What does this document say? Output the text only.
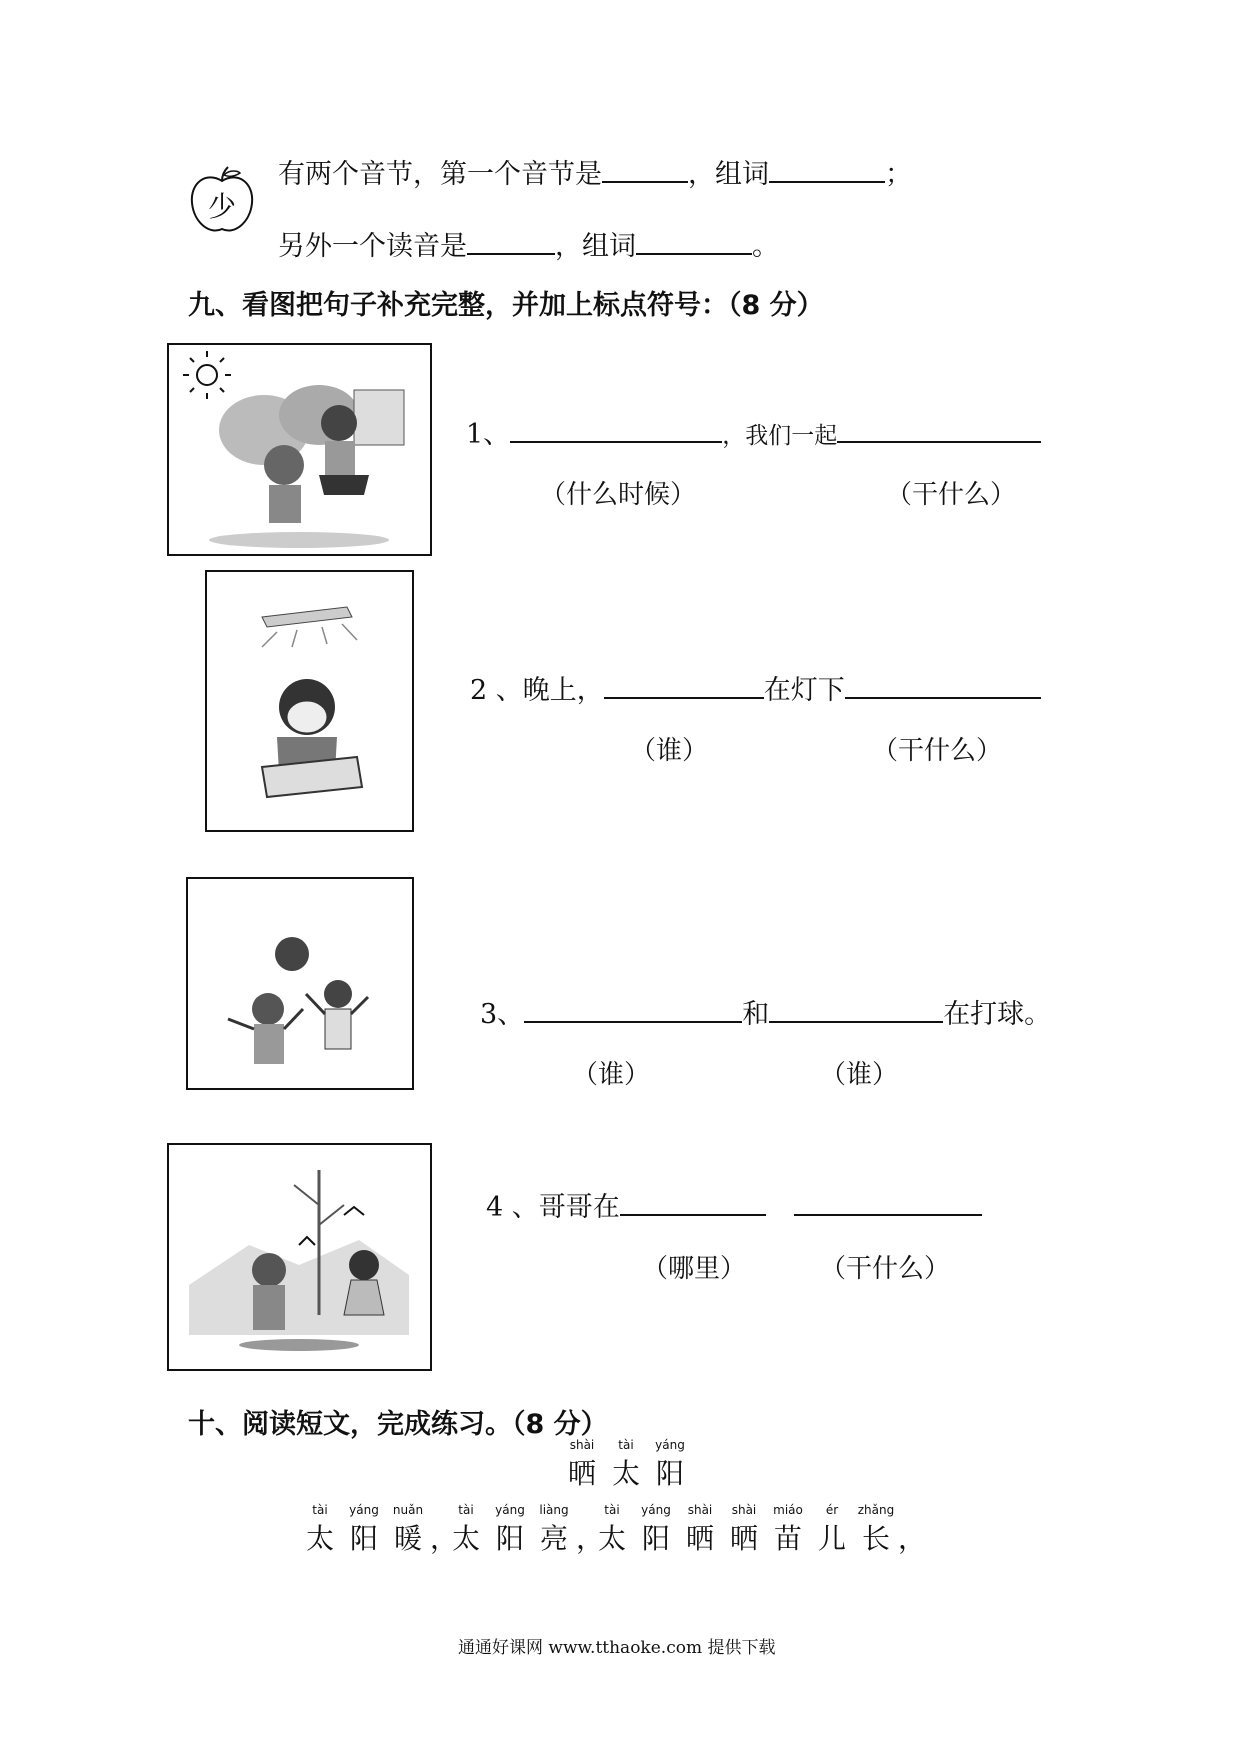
少
有两个音节，第一个音节是	，组词	；
另外一个读音是	，组词	。
九、看图把句子补充完整，并加上标点符号：（8 分）
1、	，我们一起
（什么时候）	（干什么）
2 、晚上，	在灯下
（谁）	（干什么）
3、	和	在打球。
（谁）	（谁）
4 、哥哥在
（哪里）	（干什么）
十、阅读短文，完成练习。（8 分）
shài
晒
tài
太
yáng
阳
tài
太
yáng
阳
nuǎn
暖
，
tài
太
yáng
阳
liàng
亮
，
tài
太
yáng
阳
shài
晒
shài
晒
miáo
苗
ér
儿
zhǎng
长
，
通通好课网 www.tthaoke.com 提供下载
